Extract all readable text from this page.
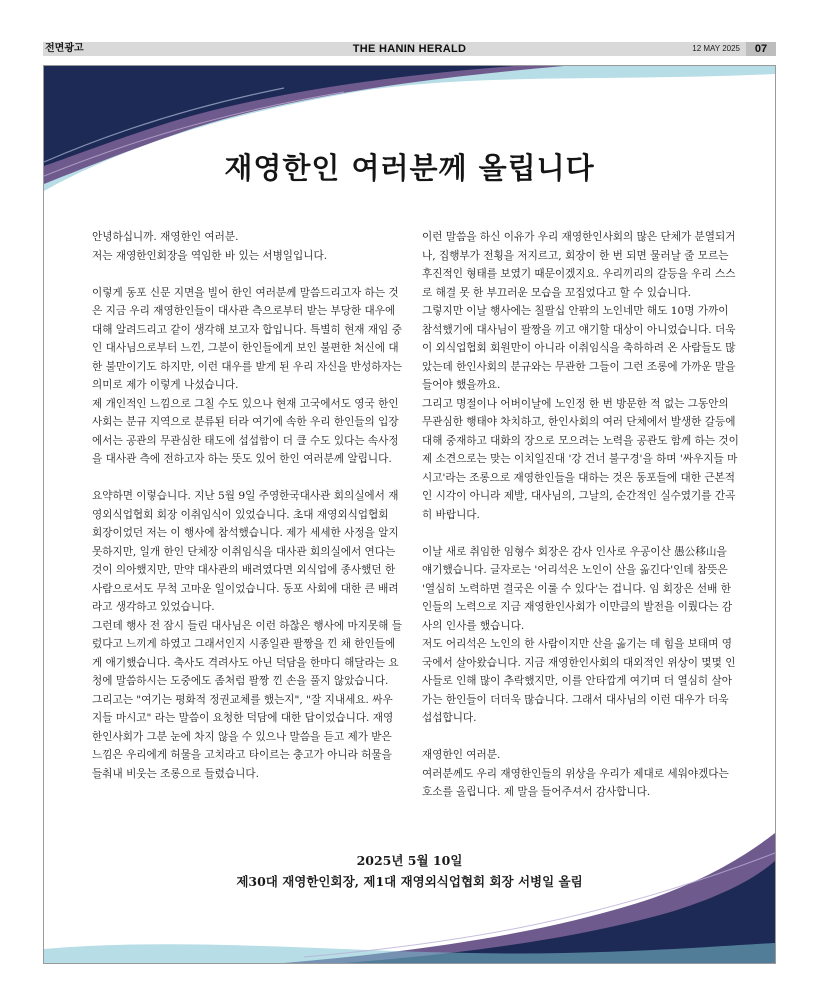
전면광고	THE HANIN HERALD	12 MAY 2025	07
재영한인 여러분께 올립니다

안녕하십니까. 재영한인 여러분.

저는 재영한인회장을 역임한 바 있는 서병일입니다.

이렇게 동포 신문 지면을 빌어 한인 여러분께 말씀드리고자 하는 것은 지금 우리 재영한인들이 대사관 측으로부터 받는 부당한 대우에 대해 알려드리고 같이 생각해 보고자 합입니다. 특별히 현재 재임 중인 대사님으로부터 느낀, 그분이 한인들에게 보인 불편한 처신에 대한 불만이기도 하지만, 이런 대우를 받게 된 우리 자신을 반성하자는 의미로 제가 이렇게 나섰습니다.

제 개인적인 느낌으로 그칠 수도 있으나 현재 고국에서도 영국 한인사회는 분규 지역으로 분류된 터라 여기에 속한 우리 한인들의 입장에서는 공관의 무관심한 태도에 섭섭함이 더 클 수도 있다는 속사정을 대사관 측에 전하고자 하는 뜻도 있어 한인 여러분께 알립니다.

요약하면 이렇습니다. 지난 5월 9일 주영한국대사관 회의실에서 재영외식업협회 회장 이취임식이 있었습니다. 초대 재영외식업협회 회장이었던 저는 이 행사에 참석했습니다. 제가 세세한 사정을 알지 못하지만, 일개 한인 단체장 이취임식을 대사관 회의실에서 연다는 것이 의아했지만, 만약 대사관의 배려였다면 외식업에 종사했던 한사람으로서도 무척 고마운 일이었습니다. 동포 사회에 대한 큰 배려라고 생각하고 있었습니다.

그런데 행사 전 잠시 들린 대사님은 이런 하찮은 행사에 마지못해 들렀다고 느끼게 하였고 그래서인지 시종일관 팔짱을 낀 채 한인들에게 애기했습니다. 축사도 격려사도 아닌 덕담을 한마디 해달라는 요청에 말씀하시는 도중에도 좀처럼 팔짱 낀 손을 풀지 않았습니다.

그리고는 "여기는 평화적 정권교체를 했는지", "잘 지내세요. 싸우지들 마시고" 라는 말씀이 요청한 덕담에 대한 답이었습니다. 재영한인사회가 그분 눈에 차지 않을 수 있으나 말씀을 듣고 제가 받은 느낌은 우리에게 허물을 고치라고 타이르는 충고가 아니라 허물을 들춰내 비웃는 조롱으로 들렸습니다.

이런 말씀을 하신 이유가 우리 재영한인사회의 많은 단체가 분열되거나, 집행부가 전횡을 저지르고, 회장이 한 번 되면 물러날 줄 모르는 후진적인 형태를 보였기 때문이겠지요. 우리끼리의 갈등을 우리 스스로 해결 못 한 부끄러운 모습을 꼬집었다고 할 수 있습니다.

그렇지만 이날 행사에는 칠팔십 안팎의 노인네만 해도 10명 가까이 참석했기에 대사님이 팔짱을 끼고 얘기할 대상이 아니었습니다. 더욱이 외식업협회 회원만이 아니라 이취임식을 축하하려 온 사람들도 많았는데 한인사회의 분규와는 무관한 그들이 그런 조롱에 가까운 말을 들어야 했을까요.

그리고 명절이나 어버이날에 노인정 한 번 방문한 적 없는 그동안의 무관심한 행태야 차치하고, 한인사회의 여러 단체에서 발생한 갈등에 대해 중재하고 대화의 장으로 모으려는 노력을 공관도 함께 하는 것이 제 소견으로는 맞는 이치일진대 '강 건너 불구경'을 하며 '싸우지들 마시고'라는 조롱으로 재영한인들을 대하는 것은 동포들에 대한 근본적인 시각이 아니라 제발, 대사님의, 그날의, 순간적인 실수였기를 간곡히 바랍니다.

이날 새로 취임한 임형수 회장은 감사 인사로 우공이산 愚公移山을 얘기했습니다. 글자로는 '어리석은 노인이 산을 옮긴다'인데 참뜻은 '열심히 노력하면 결국은 이룰 수 있다'는 겁니다. 임 회장은 선배 한인들의 노력으로 지금 재영한인사회가 이만큼의 발전을 이뤘다는 감사의 인사를 했습니다.

저도 어리석은 노인의 한 사람이지만 산을 옮기는 데 힘을 보태며 영국에서 살아왔습니다. 지금 재영한인사회의 대외적인 위상이 몇몇 인사들로 인해 많이 추락했지만, 이를 안타깝게 여기며 더 열심히 살아가는 한인들이 더더욱 많습니다. 그래서 대사님의 이런 대우가 더욱 섭섭합니다.

재영한인 여러분.

여러분께도 우리 재영한인들의 위상을 우리가 제대로 세워야겠다는 호소를 올립니다. 제 말을 들어주셔서 감사합니다.

2025년 5월 10일
제30대 재영한인회장, 제1대 재영외식업협회 회장 서병일 올림
